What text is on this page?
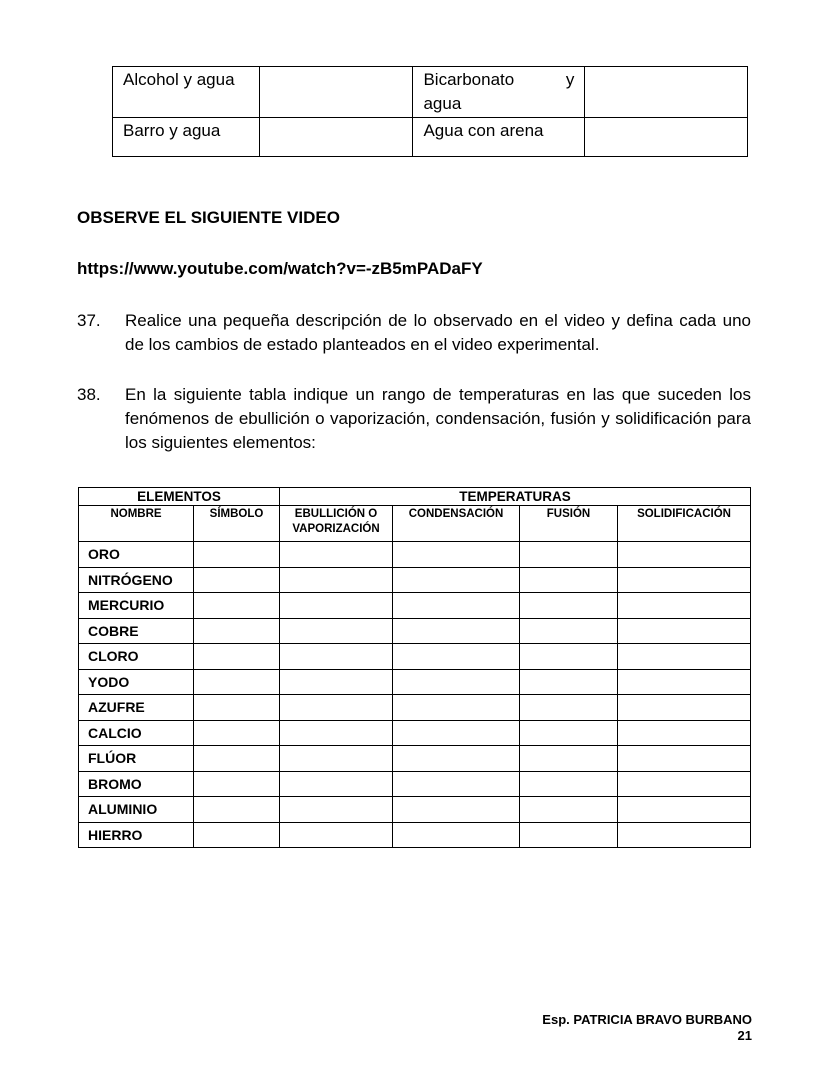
Alcohol y agua		Bicarbonato y
agua	

Barro y agua		Agua con arena	
OBSERVE EL SIGUIENTE VIDEO
https://www.youtube.com/watch?v=-zB5mPADaFY
37.	Realice una pequeña descripción de lo observado en el video y defina cada uno de los cambios de estado planteados en el video experimental.
38.	En la siguiente tabla indique un rango de temperaturas en las que suceden los fenómenos de ebullición o vaporización, condensación, fusión y solidificación para los siguientes elementos:
ELEMENTOS		TEMPERATURAS			
NOMBRE	SÍMBOLO	EBULLICIÓN O VAPORIZACIÓN	CONDENSACIÓN	FUSIÓN	SOLIDIFICACIÓN
ORO					
NITRÓGENO					
MERCURIO					
COBRE					
CLORO					
YODO					
AZUFRE					
CALCIO					
FLÚOR					
BROMO					
ALUMINIO					
HIERRO					
Esp. PATRICIA BRAVO BURBANO
21
